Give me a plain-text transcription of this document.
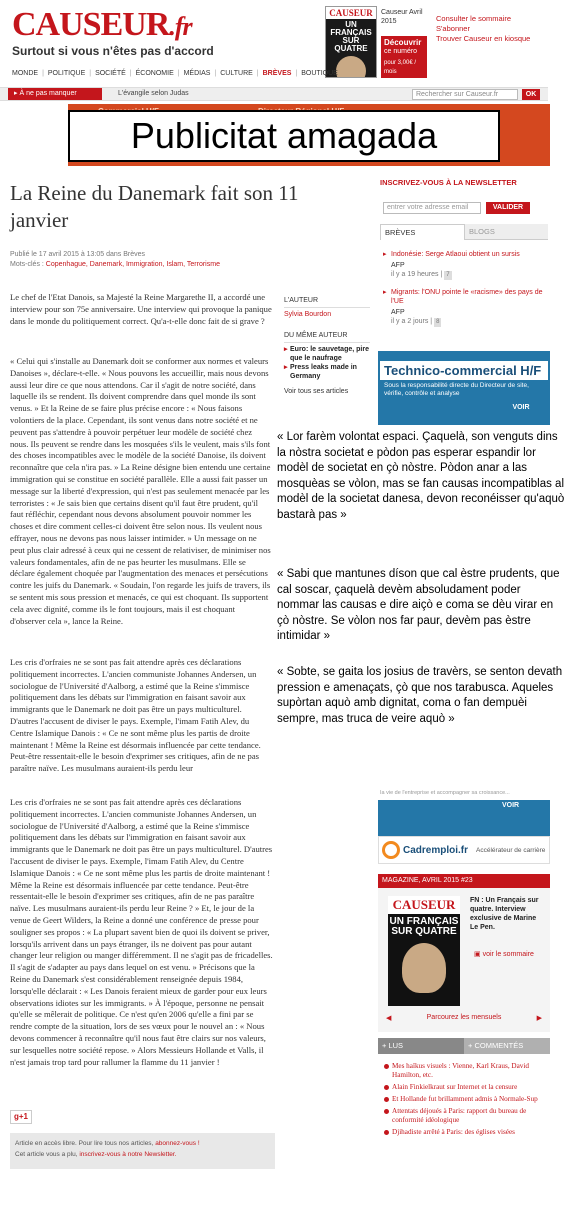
CAUSEUR.fr
Surtout si vous n'êtes pas d'accord
CAUSEUR
UN FRANÇAIS SUR QUATRE
Causeur Avril
2015
Découvrir
ce numéro
pour 3,00€ / mois
Consulter le sommaire
S'abonner
Trouver Causeur en kiosque
MONDE | POLITIQUE | SOCIÉTÉ | ÉCONOMIE | MÉDIAS | CULTURE | BRÈVES | BOUTIQUE
▸ À ne pas manquer	L'évangile selon Judas	Rechercher sur Causeur.fr	OK
Publicitat amagada
La Reine du Danemark fait son 11 janvier
Publié le 17 avril 2015 à 13:05 dans Brèves
Mots-clés : Copenhague, Danemark, Immigration, Islam, Terrorisme

Le chef de l'Etat Danois, sa Majesté la Reine Margarethe II, a accordé une interview pour son 75e anniversaire. Une interview qui provoque la panique dans le monde du politiquement correct. Qu'a-t-elle donc fait de si grave ?

L'AUTEUR
Sylvia Bourdon
DU MÊME AUTEUR
▸ Euro: le sauvetage, pire que le naufrage
▸ Press leaks made in Germany
Voir tous ses articles

« Celui qui s'installe au Danemark doit se conformer aux normes et valeurs Danoises », déclare-t-elle. « Nous pouvons les accueillir, mais nous devons aussi leur dire ce que nous attendons. Car il s'agit de notre société, dans laquelle ils se rendent. Ils doivent comprendre dans quel monde ils sont venus. » Et la Reine de se faire plus précise encore : « Nous faisons volontiers de la place. Cependant, ils sont venus dans notre société et ne peuvent pas s'attendre à pouvoir perpétuer leur modèle de société chez nous. Ils peuvent se rendre dans les mosquées s'ils le veulent, mais s'ils font des choses incompatibles avec le modèle de la société Danoise, ils doivent reconnaître que cela n'ira pas. » La Reine désigne bien entendu une certaine immigration qui se constitue en société parallèle. Elle a aussi fait passer un message sur la liberté d'expression, qui n'est pas seulement menacée par les terroristes : « Je sais bien que certains disent qu'il faut être prudent, qu'il faut réfléchir, cependant nous devons absolument pouvoir nommer les choses et dire comment celles-ci doivent être selon nous. Ils veulent nous effrayer, nous ne devons pas nous laisser intimider. » Un message on ne peut plus clair adressé à ceux qui ne cessent de relativiser, de minimiser nos valeurs fondamentales, afin de ne pas heurter les musulmans. Elle se déclare également choquée par l'augmentation des menaces et persécutions contre les juifs du Danemark. « Soudain, l'on regarde les juifs de travers, ils se sentent mis sous pression et menacés, ce qui est choquant. Ils supportent cela avec dignité, comme ils le font toujours, mais il est choquant d'observer cela », lance la Reine.

Les cris d'orfraies ne se sont pas fait attendre après ces déclarations politiquement incorrectes. L'ancien communiste Johannes Andersen, un sociologue de l'Université d'Aalborg, a estimé que la Reine s'immisce politiquement dans les débats sur l'immigration en faisant savoir aux immigrants que le Danemark ne doit pas être un pays multiculturel. D'autres l'accusent de diviser le pays. Exemple, l'imam Fatih Alev, du Centre Islamique Danois : « Ce ne sont même plus les partis de droite maintenant ! Même la Reine est désormais influencée par cette tendance. Peut-être ressentait-elle le besoin d'exprimer ses critiques, afin de ne pas paraître naïve. Les musulmans auraient-ils perdu leur

Les cris d'orfraies ne se sont pas fait attendre après ces déclarations politiquement incorrectes. L'ancien communiste Johannes Andersen, un sociologue de l'Université d'Aalborg, a estimé que la Reine s'immisce politiquement dans les débats sur l'immigration en faisant savoir aux immigrants que le Danemark ne doit pas être un pays multiculturel. D'autres l'accusent de diviser le pays. Exemple, l'imam Fatih Alev, du Centre Islamique Danois : « Ce ne sont même plus les partis de droite maintenant ! Même la Reine est désormais influencée par cette tendance. Peut-être ressentait-elle le besoin d'exprimer ses critiques, afin de ne pas paraître naïve. Les musulmans auraient-ils perdu leur Reine ? » Et, le jour de la venue de Geert Wilders, la Reine a donné une conférence de presse pour souligner ses propos : « La plupart savent bien de quoi ils doivent se priver, lorsqu'ils arrivent dans un pays étranger, ils ne doivent pas pour autant changer leur religion ou manger différemment. Il ne s'agit pas de fricadelles. Il s'agit de s'adapter au pays dans lequel on est venu. » Précisons que la Reine du Danemark s'est considérablement renseignée depuis 1984, lorsqu'elle déclarait : « Les Danois feraient mieux de garder pour eux leurs observations idiotes sur les immigrants. » À l'époque, personne ne pensait qu'elle se mêlerait de politique. Ce n'est qu'en 2006 qu'elle a fini par se rendre compte de la situation, lors de ses vœux pour le nouvel an : « Nous devons commencer à reconnaître qu'il nous faut être clairs sur nos valeurs, sur lesquelles notre société repose. » Alors Messieurs Hollande et Valls, il n'est jamais trop tard pour rallumer la flamme du 11 janvier !

g+1
Article en accès libre. Pour lire tous nos articles, abonnez-vous !
Cet article vous a plu, inscrivez-vous à notre Newsletter.

« Lor farèm volontat espaci. Çaquelà, son venguts dins la nòstra societat e pòdon pas esperar espandir lor modèl de societat en çò nòstre. Pòdon anar a las mosquèas se vòlon, mas se fan causas incompatiblas al modèl de la societat danesa, devon reconéisser qu'aquò bastarà pas »

« Sabi que mantunes díson que cal èstre prudents, que cal soscar, çaquelà devèm absoludament poder nommar las causas e dire aiçò e coma se dèu virar en çò nòstre. Se vòlon nos far paur, devèm pas èstre intimidar »

« Sobte, se gaita los josius de travèrs, se senton devath pression e amenaçats, çò que nos tarabusca. Aqueles supòrtan aquò amb dignitat, coma o fan dempuèi sempre, mas truca de veire aquò »

INSCRIVEZ-VOUS À LA NEWSLETTER
entrer votre adresse email	VALIDER
BRÈVES	BLOGS
▸ Indonésie: Serge Atlaoui obtient un sursis
AFP
il y a 19 heures | 7
▸ Migrants: l'ONU pointe le «racisme» des pays de l'UE
AFP
il y a 2 jours | 8
Technico-commercial H/F
Sous la responsabilité directe du Directeur de site, vérifie, contrôle et analyse
VOIR
Ia vie de l'entreprise et accompagner sa croissance...
VOIR
Cadremploi.fr Accélérateur de carrière
MAGAZINE, AVRIL 2015 #23
CAUSEUR
UN FRANÇAIS SUR QUATRE
FN : Un Français sur quatre. Interview exclusive de Marine Le Pen.
▣ voir le sommaire
◀	Parcourez les mensuels	▶
+ LUS	+ COMMENTÉS
Mes haïkus visuels : Vienne, Karl Kraus, David Hamilton, etc.
Alain Finkielkraut sur Internet et la censure
Et Hollande fut brillamment admis à Normale-Sup
Attentats déjoués à Paris: rapport du bureau de conformité idéologique
Djihadiste arrêté à Paris: des églises visées
